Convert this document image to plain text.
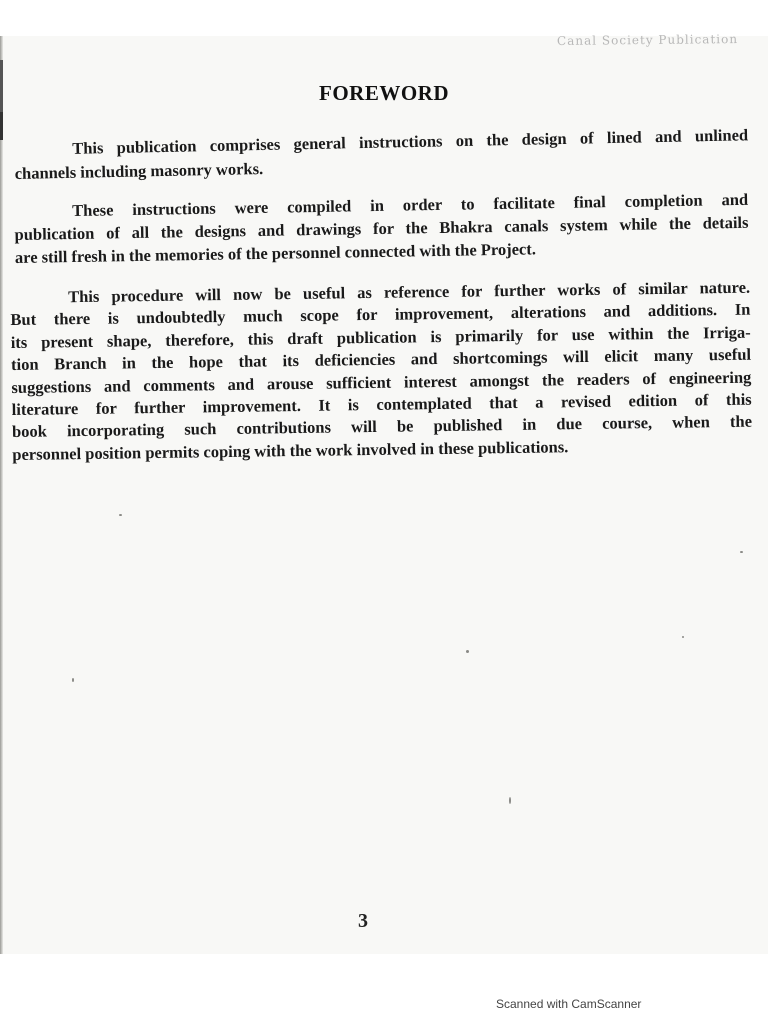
Canal Society Publication
FOREWORD

This publication comprises general instructions on the design of lined and unlined
channels including masonry works.

These instructions were compiled in order to facilitate final completion and
publication of all the designs and drawings for the Bhakra canals system while the details
are still fresh in the memories of the personnel connected with the Project.

This procedure will now be useful as reference for further works of similar nature.
But there is undoubtedly much scope for improvement, alterations and additions. In
its present shape, therefore, this draft publication is primarily for use within the Irriga-
tion Branch in the hope that its deficiencies and shortcomings will elicit many useful
suggestions and comments and arouse sufficient interest amongst the readers of engineering
literature for further improvement. It is contemplated that a revised edition of this
book incorporating such contributions will be published in due course, when the
personnel position permits coping with the work involved in these publications.

3
Scanned with CamScanner
